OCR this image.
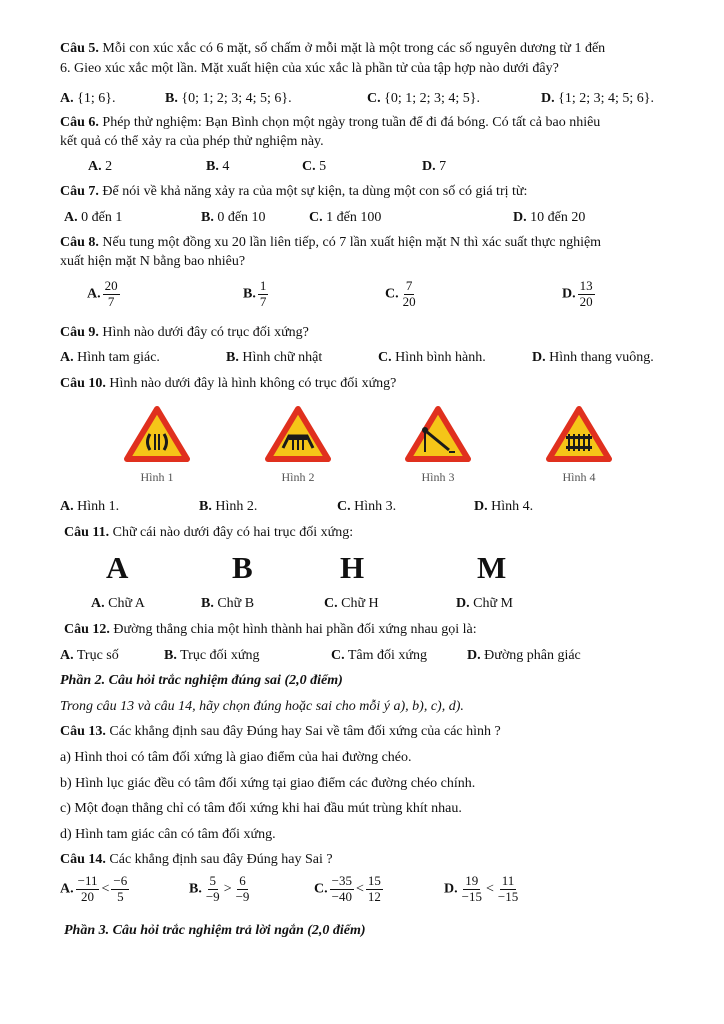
Câu 5. Mỗi con xúc xắc có 6 mặt, số chấm ở mỗi mặt là một trong các số nguyên dương từ 1 đến
6. Gieo xúc xắc một lần. Mặt xuất hiện của xúc xắc là phần tử của tập hợp nào dưới đây?
A. {1; 6}.	B. {0; 1; 2; 3; 4; 5; 6}.	C. {0; 1; 2; 3; 4; 5}.	D. {1; 2; 3; 4; 5; 6}.
Câu 6. Phép thử nghiệm: Bạn Bình chọn một ngày trong tuần để đi đá bóng. Có tất cả bao nhiêu
kết quả có thể xảy ra của phép thử nghiệm này.
A. 2	B. 4	C. 5	D. 7
Câu 7. Để nói về khả năng xảy ra của một sự kiện, ta dùng một con số có giá trị từ:
A. 0 đến 1	B. 0 đến 10	C. 1 đến 100	D. 10 đến 20
Câu 8. Nếu tung một đồng xu 20 lần liên tiếp, có 7 lần xuất hiện mặt N thì xác suất thực nghiệm
xuất hiện mặt N bằng bao nhiêu?
A. $\frac{20}{7}$	B. $\frac{1}{7}$	C. $\frac{7}{20}$	D. $\frac{13}{20}$
Câu 9. Hình nào dưới đây có trục đối xứng?
A. Hình tam giác.	B. Hình chữ nhật	C. Hình bình hành.	D. Hình thang vuông.
Câu 10. Hình nào dưới đây là hình không có trục đối xứng?
Hình 1	Hình 2	Hình 3	Hình 4
A. Hình 1.	B. Hình 2.	C. Hình 3.	D. Hình 4.
Câu 11. Chữ cái nào dưới đây có hai trục đối xứng:
A	B	H	M
A. Chữ A	B. Chữ B	C. Chữ H	D. Chữ M
Câu 12. Đường thẳng chia một hình thành hai phần đối xứng nhau gọi là:
A. Trục số	B. Trục đối xứng	C. Tâm đối xứng	D. Đường phân giác
Phần 2. Câu hỏi trắc nghiệm đúng sai (2,0 điểm)
Trong câu 13 và câu 14, hãy chọn đúng hoặc sai cho mỗi ý a), b), c), d).
Câu 13. Các khẳng định sau đây Đúng hay Sai về tâm đối xứng của các hình ?
a) Hình thoi có tâm đối xứng là giao điểm của hai đường chéo.
b) Hình lục giác đều có tâm đối xứng tại giao điểm các đường chéo chính.
c) Một đoạn thẳng chỉ có tâm đối xứng khi hai đầu mút trùng khít nhau.
d) Hình tam giác cân có tâm đối xứng.
Câu 14. Các khẳng định sau đây Đúng hay Sai ?
A. $\frac{-11}{20} < \frac{-6}{5}$	B. $\frac{5}{-9} > \frac{6}{-9}$	C. $\frac{-35}{-40} < \frac{15}{12}$	D. $\frac{19}{-15} < \frac{11}{-15}$
Phần 3. Câu hỏi trắc nghiệm trả lời ngắn (2,0 điểm)
